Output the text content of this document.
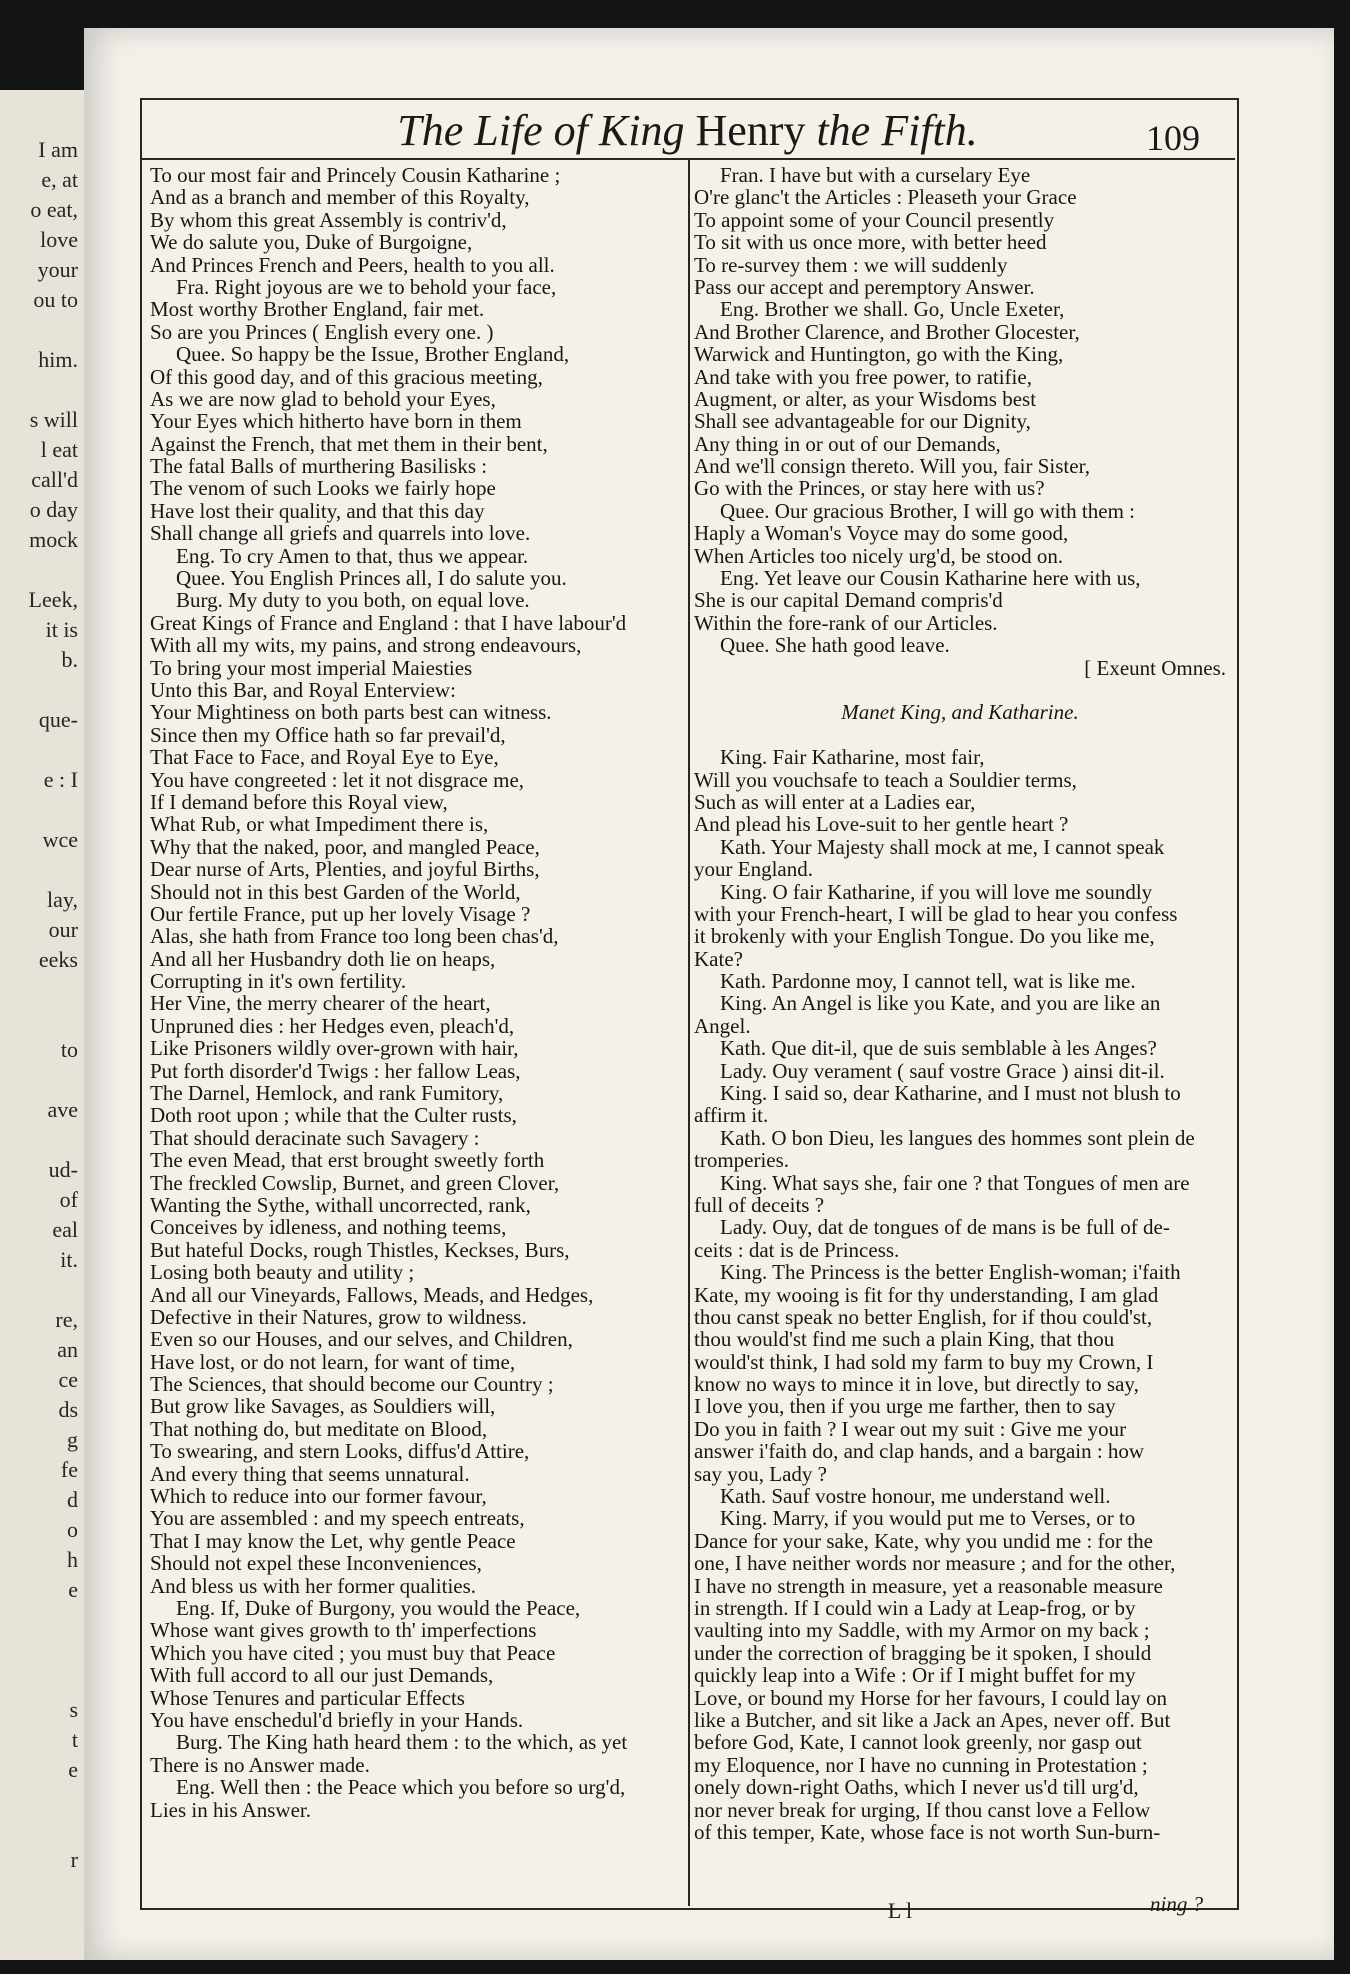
I am
e, at
o eat,
love
your
ou to
him.
s will
l eat
call'd
o day
mock
Leek,
it is
b.
que-
e : I
wce
lay,
our
eeks
to
ave
ud-
of
eal
it.
re,
an
ce
ds
g
fe
d
o
h
e
s
t
e
r
The Life of King Henry the Fifth.	109
To our most fair and Princely Cousin Katharine ;
And as a branch and member of this Royalty,
By whom this great Assembly is contriv'd,
We do salute you, Duke of Burgoigne,
And Princes French and Peers, health to you all.
Fra. Right joyous are we to behold your face,
Most worthy Brother England, fair met.
So are you Princes ( English every one. )
Quee. So happy be the Issue, Brother England,
Of this good day, and of this gracious meeting,
As we are now glad to behold your Eyes,
Your Eyes which hitherto have born in them
Against the French, that met them in their bent,
The fatal Balls of murthering Basilisks :
The venom of such Looks we fairly hope
Have lost their quality, and that this day
Shall change all griefs and quarrels into love.
Eng. To cry Amen to that, thus we appear.
Quee. You English Princes all, I do salute you.
Burg. My duty to you both, on equal love.
Great Kings of France and England : that I have labour'd
With all my wits, my pains, and strong endeavours,
To bring your most imperial Maiesties
Unto this Bar, and Royal Enterview:
Your Mightiness on both parts best can witness.
Since then my Office hath so far prevail'd,
That Face to Face, and Royal Eye to Eye,
You have congreeted : let it not disgrace me,
If I demand before this Royal view,
What Rub, or what Impediment there is,
Why that the naked, poor, and mangled Peace,
Dear nurse of Arts, Plenties, and joyful Births,
Should not in this best Garden of the World,
Our fertile France, put up her lovely Visage ?
Alas, she hath from France too long been chas'd,
And all her Husbandry doth lie on heaps,
Corrupting in it's own fertility.
Her Vine, the merry chearer of the heart,
Unpruned dies : her Hedges even, pleach'd,
Like Prisoners wildly over-grown with hair,
Put forth disorder'd Twigs : her fallow Leas,
The Darnel, Hemlock, and rank Fumitory,
Doth root upon ; while that the Culter rusts,
That should deracinate such Savagery :
The even Mead, that erst brought sweetly forth
The freckled Cowslip, Burnet, and green Clover,
Wanting the Sythe, withall uncorrected, rank,
Conceives by idleness, and nothing teems,
But hateful Docks, rough Thistles, Keckses, Burs,
Losing both beauty and utility ;
And all our Vineyards, Fallows, Meads, and Hedges,
Defective in their Natures, grow to wildness.
Even so our Houses, and our selves, and Children,
Have lost, or do not learn, for want of time,
The Sciences, that should become our Country ;
But grow like Savages, as Souldiers will,
That nothing do, but meditate on Blood,
To swearing, and stern Looks, diffus'd Attire,
And every thing that seems unnatural.
Which to reduce into our former favour,
You are assembled : and my speech entreats,
That I may know the Let, why gentle Peace
Should not expel these Inconveniences,
And bless us with her former qualities.
Eng. If, Duke of Burgony, you would the Peace,
Whose want gives growth to th' imperfections
Which you have cited ; you must buy that Peace
With full accord to all our just Demands,
Whose Tenures and particular Effects
You have enschedul'd briefly in your Hands.
Burg. The King hath heard them : to the which, as yet
There is no Answer made.
Eng. Well then : the Peace which you before so urg'd,
Lies in his Answer.
Fran. I have but with a curselary Eye
O're glanc't the Articles : Pleaseth your Grace
To appoint some of your Council presently
To sit with us once more, with better heed
To re-survey them : we will suddenly
Pass our accept and peremptory Answer.
Eng. Brother we shall. Go, Uncle Exeter,
And Brother Clarence, and Brother Glocester,
Warwick and Huntington, go with the King,
And take with you free power, to ratifie,
Augment, or alter, as your Wisdoms best
Shall see advantageable for our Dignity,
Any thing in or out of our Demands,
And we'll consign thereto. Will you, fair Sister,
Go with the Princes, or stay here with us?
Quee. Our gracious Brother, I will go with them :
Haply a Woman's Voyce may do some good,
When Articles too nicely urg'd, be stood on.
Eng. Yet leave our Cousin Katharine here with us,
She is our capital Demand compris'd
Within the fore-rank of our Articles.
Quee. She hath good leave.
[ Exeunt Omnes.
Manet King, and Katharine.
King. Fair Katharine, most fair,
Will you vouchsafe to teach a Souldier terms,
Such as will enter at a Ladies ear,
And plead his Love-suit to her gentle heart ?
Kath. Your Majesty shall mock at me, I cannot speak
your England.
King. O fair Katharine, if you will love me soundly
with your French-heart, I will be glad to hear you confess
it brokenly with your English Tongue. Do you like me,
Kate?
Kath. Pardonne moy, I cannot tell, wat is like me.
King. An Angel is like you Kate, and you are like an
Angel.
Kath. Que dit-il, que de suis semblable à les Anges?
Lady. Ouy verament ( sauf vostre Grace ) ainsi dit-il.
King. I said so, dear Katharine, and I must not blush to
affirm it.
Kath. O bon Dieu, les langues des hommes sont plein de
tromperies.
King. What says she, fair one ? that Tongues of men are
full of deceits ?
Lady. Ouy, dat de tongues of de mans is be full of de-
ceits : dat is de Princess.
King. The Princess is the better English-woman; i'faith
Kate, my wooing is fit for thy understanding, I am glad
thou canst speak no better English, for if thou could'st,
thou would'st find me such a plain King, that thou
would'st think, I had sold my farm to buy my Crown, I
know no ways to mince it in love, but directly to say,
I love you, then if you urge me farther, then to say
Do you in faith ? I wear out my suit : Give me your
answer i'faith do, and clap hands, and a bargain : how
say you, Lady ?
Kath. Sauf vostre honour, me understand well.
King. Marry, if you would put me to Verses, or to
Dance for your sake, Kate, why you undid me : for the
one, I have neither words nor measure ; and for the other,
I have no strength in measure, yet a reasonable measure
in strength. If I could win a Lady at Leap-frog, or by
vaulting into my Saddle, with my Armor on my back ;
under the correction of bragging be it spoken, I should
quickly leap into a Wife : Or if I might buffet for my
Love, or bound my Horse for her favours, I could lay on
like a Butcher, and sit like a Jack an Apes, never off. But
before God, Kate, I cannot look greenly, nor gasp out
my Eloquence, nor I have no cunning in Protestation ;
onely down-right Oaths, which I never us'd till urg'd,
nor never break for urging, If thou canst love a Fellow
of this temper, Kate, whose face is not worth Sun-burn-
L l	ning ?
